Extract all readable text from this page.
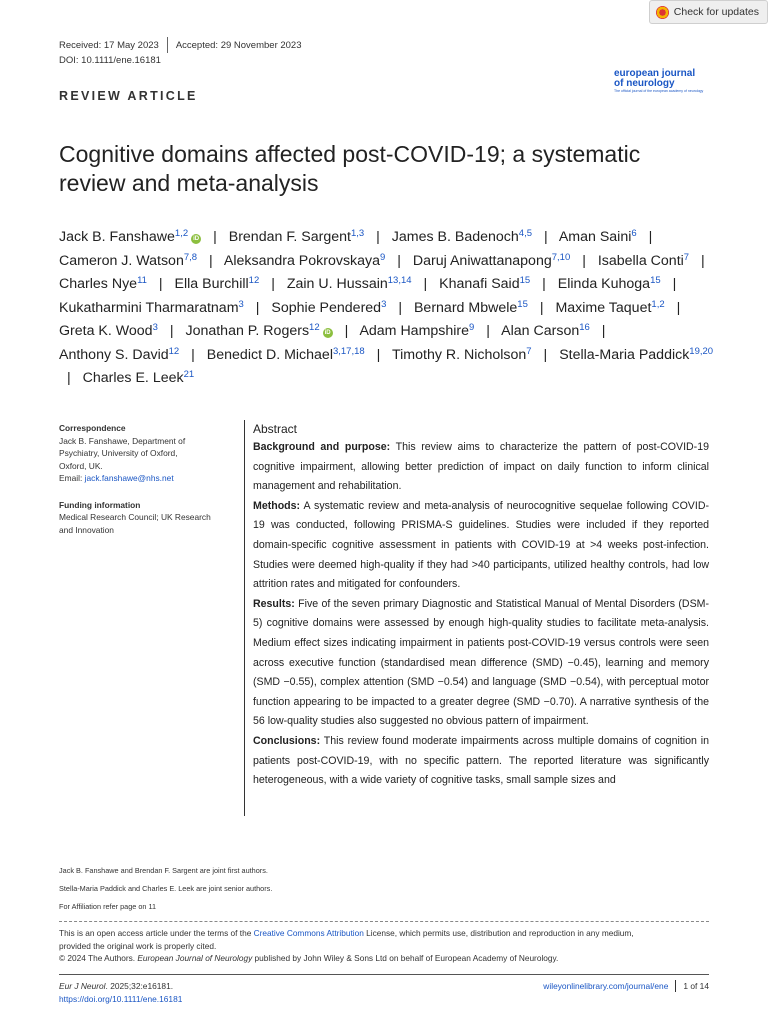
Check for updates
Received: 17 May 2023 Accepted: 29 November 2023
DOI: 10.1111/ene.16181
REVIEW ARTICLE
european journal
of neurology
The official journal of the european academy of neurology
Cognitive domains affected post-COVID-19; a systematic review and meta-analysis
Jack B. Fanshawe$^{1,2}$ iD | Brendan F. Sargent$^{1,3}$ | James B. Badenoch$^{4,5}$ | Aman Saini$^6$ | Cameron J. Watson$^{7,8}$ | Aleksandra Pokrovskaya$^9$ | Daruj Aniwattanapong$^{7,10}$ | Isabella Conti$^7$ | Charles Nye$^{11}$ | Ella Burchill$^{12}$ | Zain U. Hussain$^{13,14}$ | Khanafi Said$^{15}$ | Elinda Kuhoga$^{15}$ | Kukatharmini Tharmaratnam$^3$ | Sophie Pendered$^3$ | Bernard Mbwele$^{15}$ | Maxime Taquet$^{1,2}$ | Greta K. Wood$^3$ | Jonathan P. Rogers$^{12}$ iD | Adam Hampshire$^9$ | Alan Carson$^{16}$ | Anthony S. David$^{12}$ | Benedict D. Michael$^{3,17,18}$ | Timothy R. Nicholson$^7$ | Stella-Maria Paddick$^{19,20}$ | Charles E. Leek$^{21}$
Correspondence
Jack B. Fanshawe, Department of
Psychiatry, University of Oxford,
Oxford, UK.
Email: jack.fanshawe@nhs.net
Funding information
Medical Research Council; UK Research
and Innovation
Abstract
Background and purpose: This review aims to characterize the pattern of post-COVID-19 cognitive impairment, allowing better prediction of impact on daily function to inform clinical management and rehabilitation.
Methods: A systematic review and meta-analysis of neurocognitive sequelae following COVID-19 was conducted, following PRISMA-S guidelines. Studies were included if they reported domain-specific cognitive assessment in patients with COVID-19 at >4 weeks post-infection. Studies were deemed high-quality if they had >40 participants, utilized healthy controls, had low attrition rates and mitigated for confounders.
Results: Five of the seven primary Diagnostic and Statistical Manual of Mental Disorders (DSM-5) cognitive domains were assessed by enough high-quality studies to facilitate meta-analysis. Medium effect sizes indicating impairment in patients post-COVID-19 versus controls were seen across executive function (standardised mean difference (SMD) −0.45), learning and memory (SMD −0.55), complex attention (SMD −0.54) and language (SMD −0.54), with perceptual motor function appearing to be impacted to a greater degree (SMD −0.70). A narrative synthesis of the 56 low-quality studies also suggested no obvious pattern of impairment.
Conclusions: This review found moderate impairments across multiple domains of cognition in patients post-COVID-19, with no specific pattern. The reported literature was significantly heterogeneous, with a wide variety of cognitive tasks, small sample sizes and
Jack B. Fanshawe and Brendan F. Sargent are joint first authors.
Stella-Maria Paddick and Charles E. Leek are joint senior authors.
For Affiliation refer page on 11
This is an open access article under the terms of the Creative Commons Attribution License, which permits use, distribution and reproduction in any medium,
provided the original work is properly cited.
© 2024 The Authors. European Journal of Neurology published by John Wiley & Sons Ltd on behalf of European Academy of Neurology.
Eur J Neurol. 2025;32:e16181.
https://doi.org/10.1111/ene.16181
wileyonlinelibrary.com/journal/ene 1 of 14
